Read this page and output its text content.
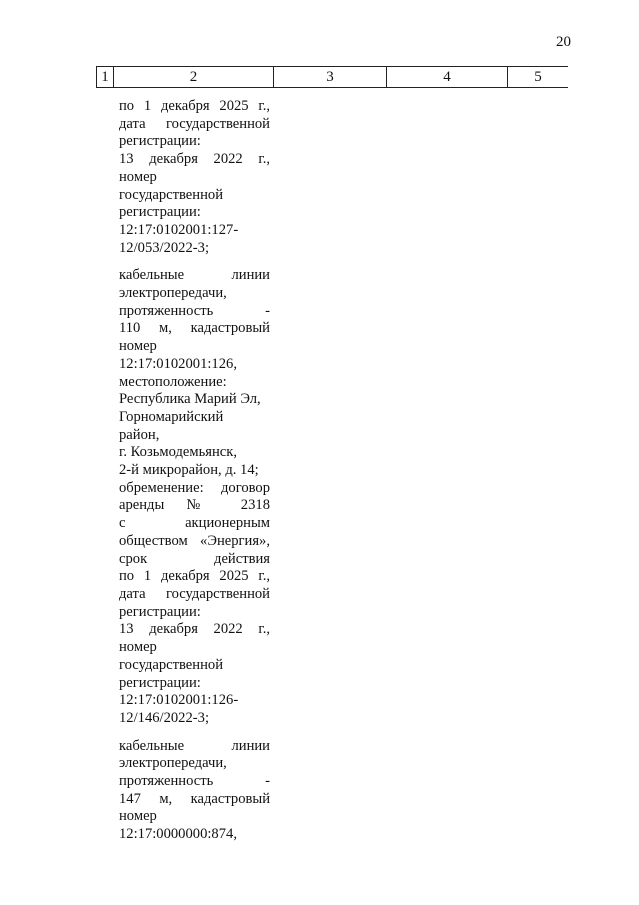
20
1	2	3	4	5
по 1 декабря 2025 г.,
дата государственной
регистрации:
13 декабря 2022 г.,
номер
государственной
регистрации:
12:17:0102001:127-
12/053/2022-3;
кабельные линии
электропередачи,
протяженность -
110 м, кадастровый
номер
12:17:0102001:126,
местоположение:
Республика Марий Эл,
Горномарийский
район,
г. Козьмодемьянск,
2-й микрорайон, д. 14;
обременение: договор
аренды № 2318
с акционерным
обществом «Энергия»,
срок действия
по 1 декабря 2025 г.,
дата государственной
регистрации:
13 декабря 2022 г.,
номер
государственной
регистрации:
12:17:0102001:126-
12/146/2022-3;
кабельные линии
электропередачи,
протяженность -
147 м, кадастровый
номер
12:17:0000000:874,
